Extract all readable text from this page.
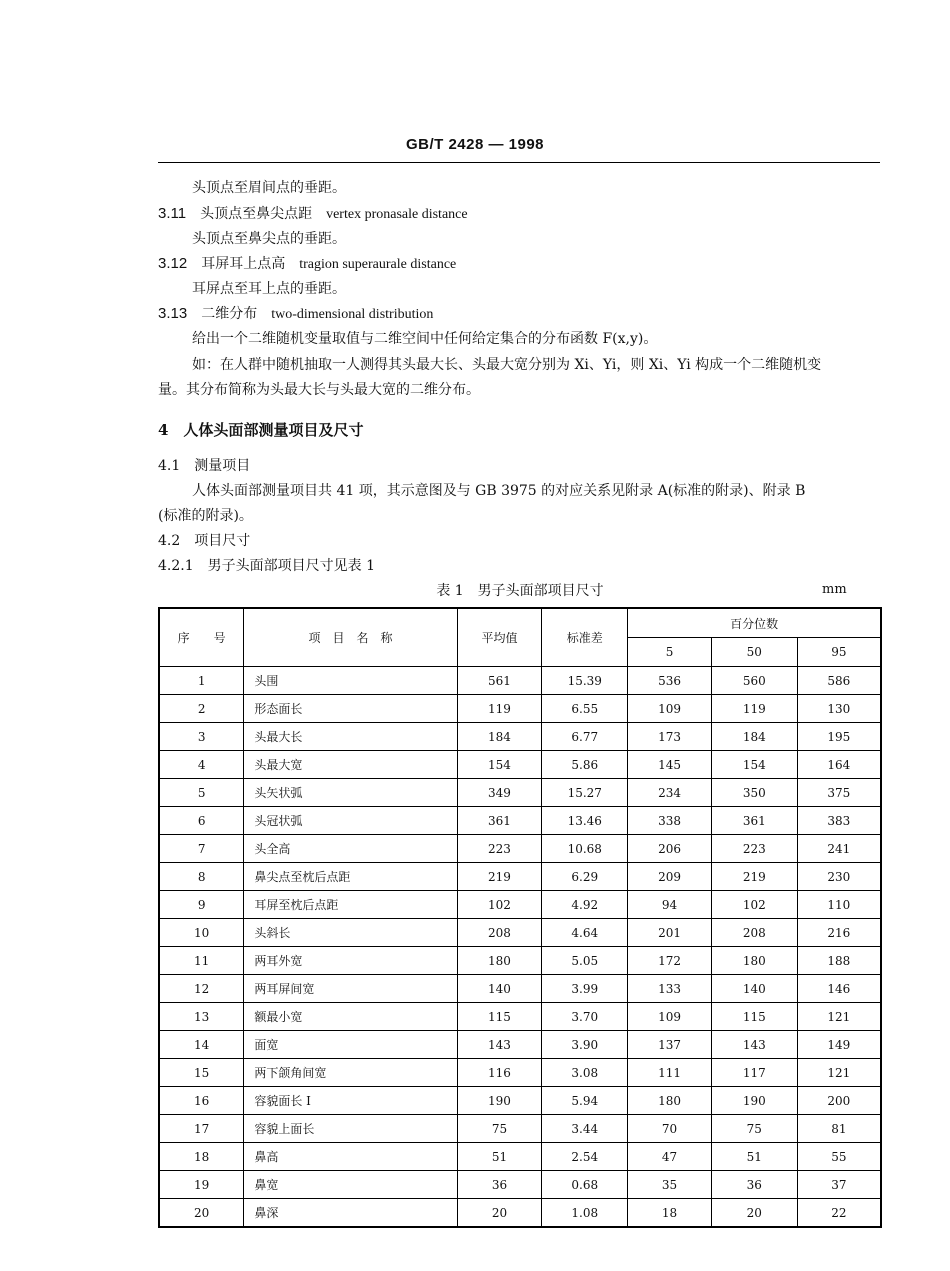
GB/T 2428 — 1998
头顶点至眉间点的垂距。
3.11 头顶点至鼻尖点距 vertex pronasale distance
头顶点至鼻尖点的垂距。
3.12 耳屏耳上点高 tragion superaurale distance
耳屏点至耳上点的垂距。
3.13 二维分布 two-dimensional distribution
给出一个二维随机变量取值与二维空间中任何给定集合的分布函数 F(x,y)。
如：在人群中随机抽取一人测得其头最大长、头最大宽分别为 Xi、Yi，则 Xi、Yi 构成一个二维随机变
量。其分布简称为头最大长与头最大宽的二维分布。
4　人体头面部测量项目及尺寸
4.1　测量项目
人体头面部测量项目共 41 项，其示意图及与 GB 3975 的对应关系见附录 A(标准的附录)、附录 B
(标准的附录)。
4.2　项目尺寸
4.2.1　男子头面部项目尺寸见表 1
表 1　男子头面部项目尺寸	mm
序　　号	项　目　名　称	平均值	标准差	百分位数		
				5	50	95
1	头围	561	15.39	536	560	586
2	形态面长	119	6.55	109	119	130
3	头最大长	184	6.77	173	184	195
4	头最大宽	154	5.86	145	154	164
5	头矢状弧	349	15.27	234	350	375
6	头冠状弧	361	13.46	338	361	383
7	头全高	223	10.68	206	223	241
8	鼻尖点至枕后点距	219	6.29	209	219	230
9	耳屏至枕后点距	102	4.92	94	102	110
10	头斜长	208	4.64	201	208	216
11	两耳外宽	180	5.05	172	180	188
12	两耳屏间宽	140	3.99	133	140	146
13	额最小宽	115	3.70	109	115	121
14	面宽	143	3.90	137	143	149
15	两下颌角间宽	116	3.08	111	117	121
16	容貌面长 I	190	5.94	180	190	200
17	容貌上面长	75	3.44	70	75	81
18	鼻高	51	2.54	47	51	55
19	鼻宽	36	0.68	35	36	37
20	鼻深	20	1.08	18	20	22
